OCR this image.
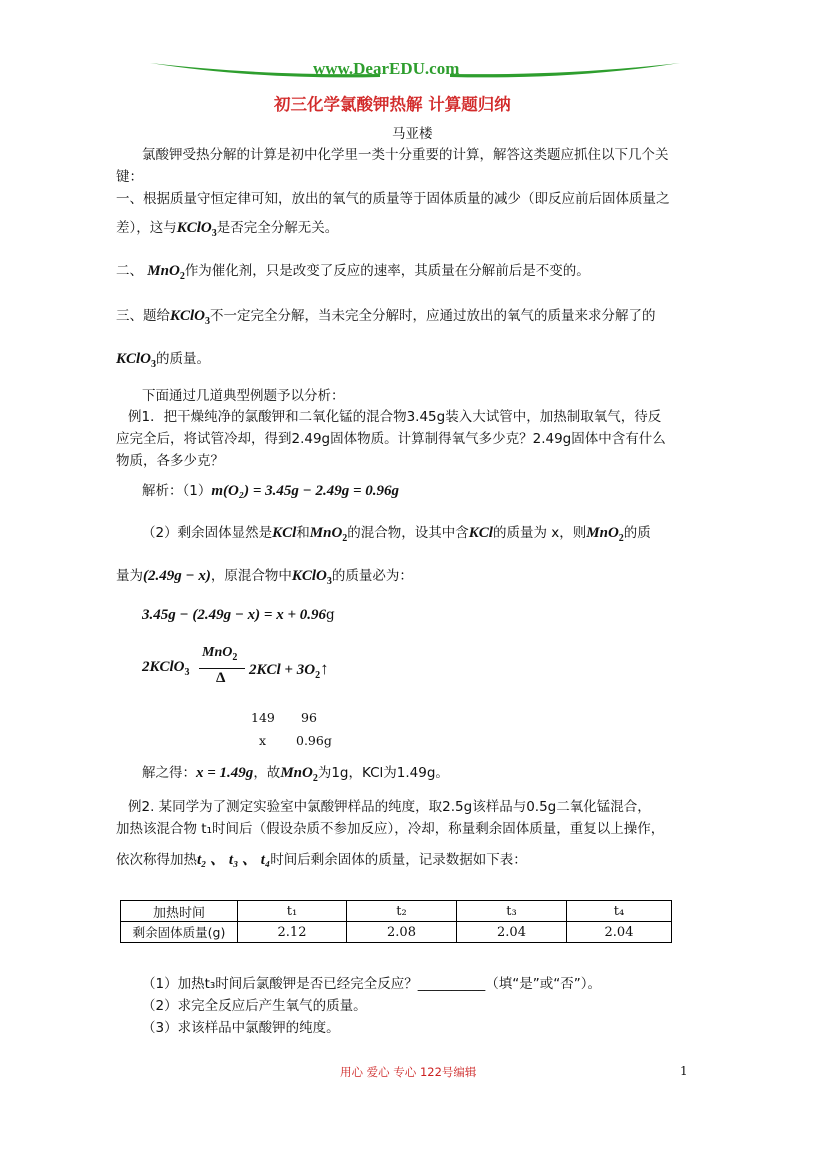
www.DearEDU.com
初三化学氯酸钾热解 计算题归纳
马亚楼
氯酸钾受热分解的计算是初中化学里一类十分重要的计算，解答这类题应抓住以下几个关
键：
一、根据质量守恒定律可知，放出的氧气的质量等于固体质量的减少（即反应前后固体质量之
差），这与KClO$_3$是否完全分解无关。
二、 MnO$_2$作为催化剂，只是改变了反应的速率，其质量在分解前后是不变的。
三、题给KClO$_3$不一定完全分解，当未完全分解时，应通过放出的氧气的质量来求分解了的
KClO$_3$的质量。
下面通过几道典型例题予以分析：
例1．把干燥纯净的氯酸钾和二氧化锰的混合物3.45g装入大试管中，加热制取氧气，待反
应完全后，将试管冷却，得到2.49g固体物质。计算制得氧气多少克？2.49g固体中含有什么
物质，各多少克？
解析：（1）m(O₂) = 3.45g − 2.49g = 0.96g
（2）剩余固体显然是KCl和MnO$_2$的混合物，设其中含KCl的质量为 x，则MnO$_2$的质
量为(2.49g − x)，原混合物中KClO$_3$的质量必为：
3.45g − (2.49g − x) = x + 0.96g
2KClO$_3$
MnO$_2$
Δ $2KCl + 3O_2↑$
149 96
x 0.96g
解之得：x = 1.49g，故MnO$_2$为1g，KCl为1.49g。
例2. 某同学为了测定实验室中氯酸钾样品的纯度，取2.5g该样品与0.5g二氧化锰混合，
加热该混合物 t₁时间后（假设杂质不参加反应），冷却，称量剩余固体质量，重复以上操作，
依次称得加热t₂ 、 t₃ 、 t₄时间后剩余固体的质量，记录数据如下表：
加热时间	t₁	t₂	t₃	t₄
剩余固体质量(g)	2.12	2.08	2.04	2.04
（1）加热t₃时间后氯酸钾是否已经完全反应？__________（填“是”或“否”）。
（2）求完全反应后产生氧气的质量。
（3）求该样品中氯酸钾的纯度。
用心 爱心 专心 122号编辑	1
